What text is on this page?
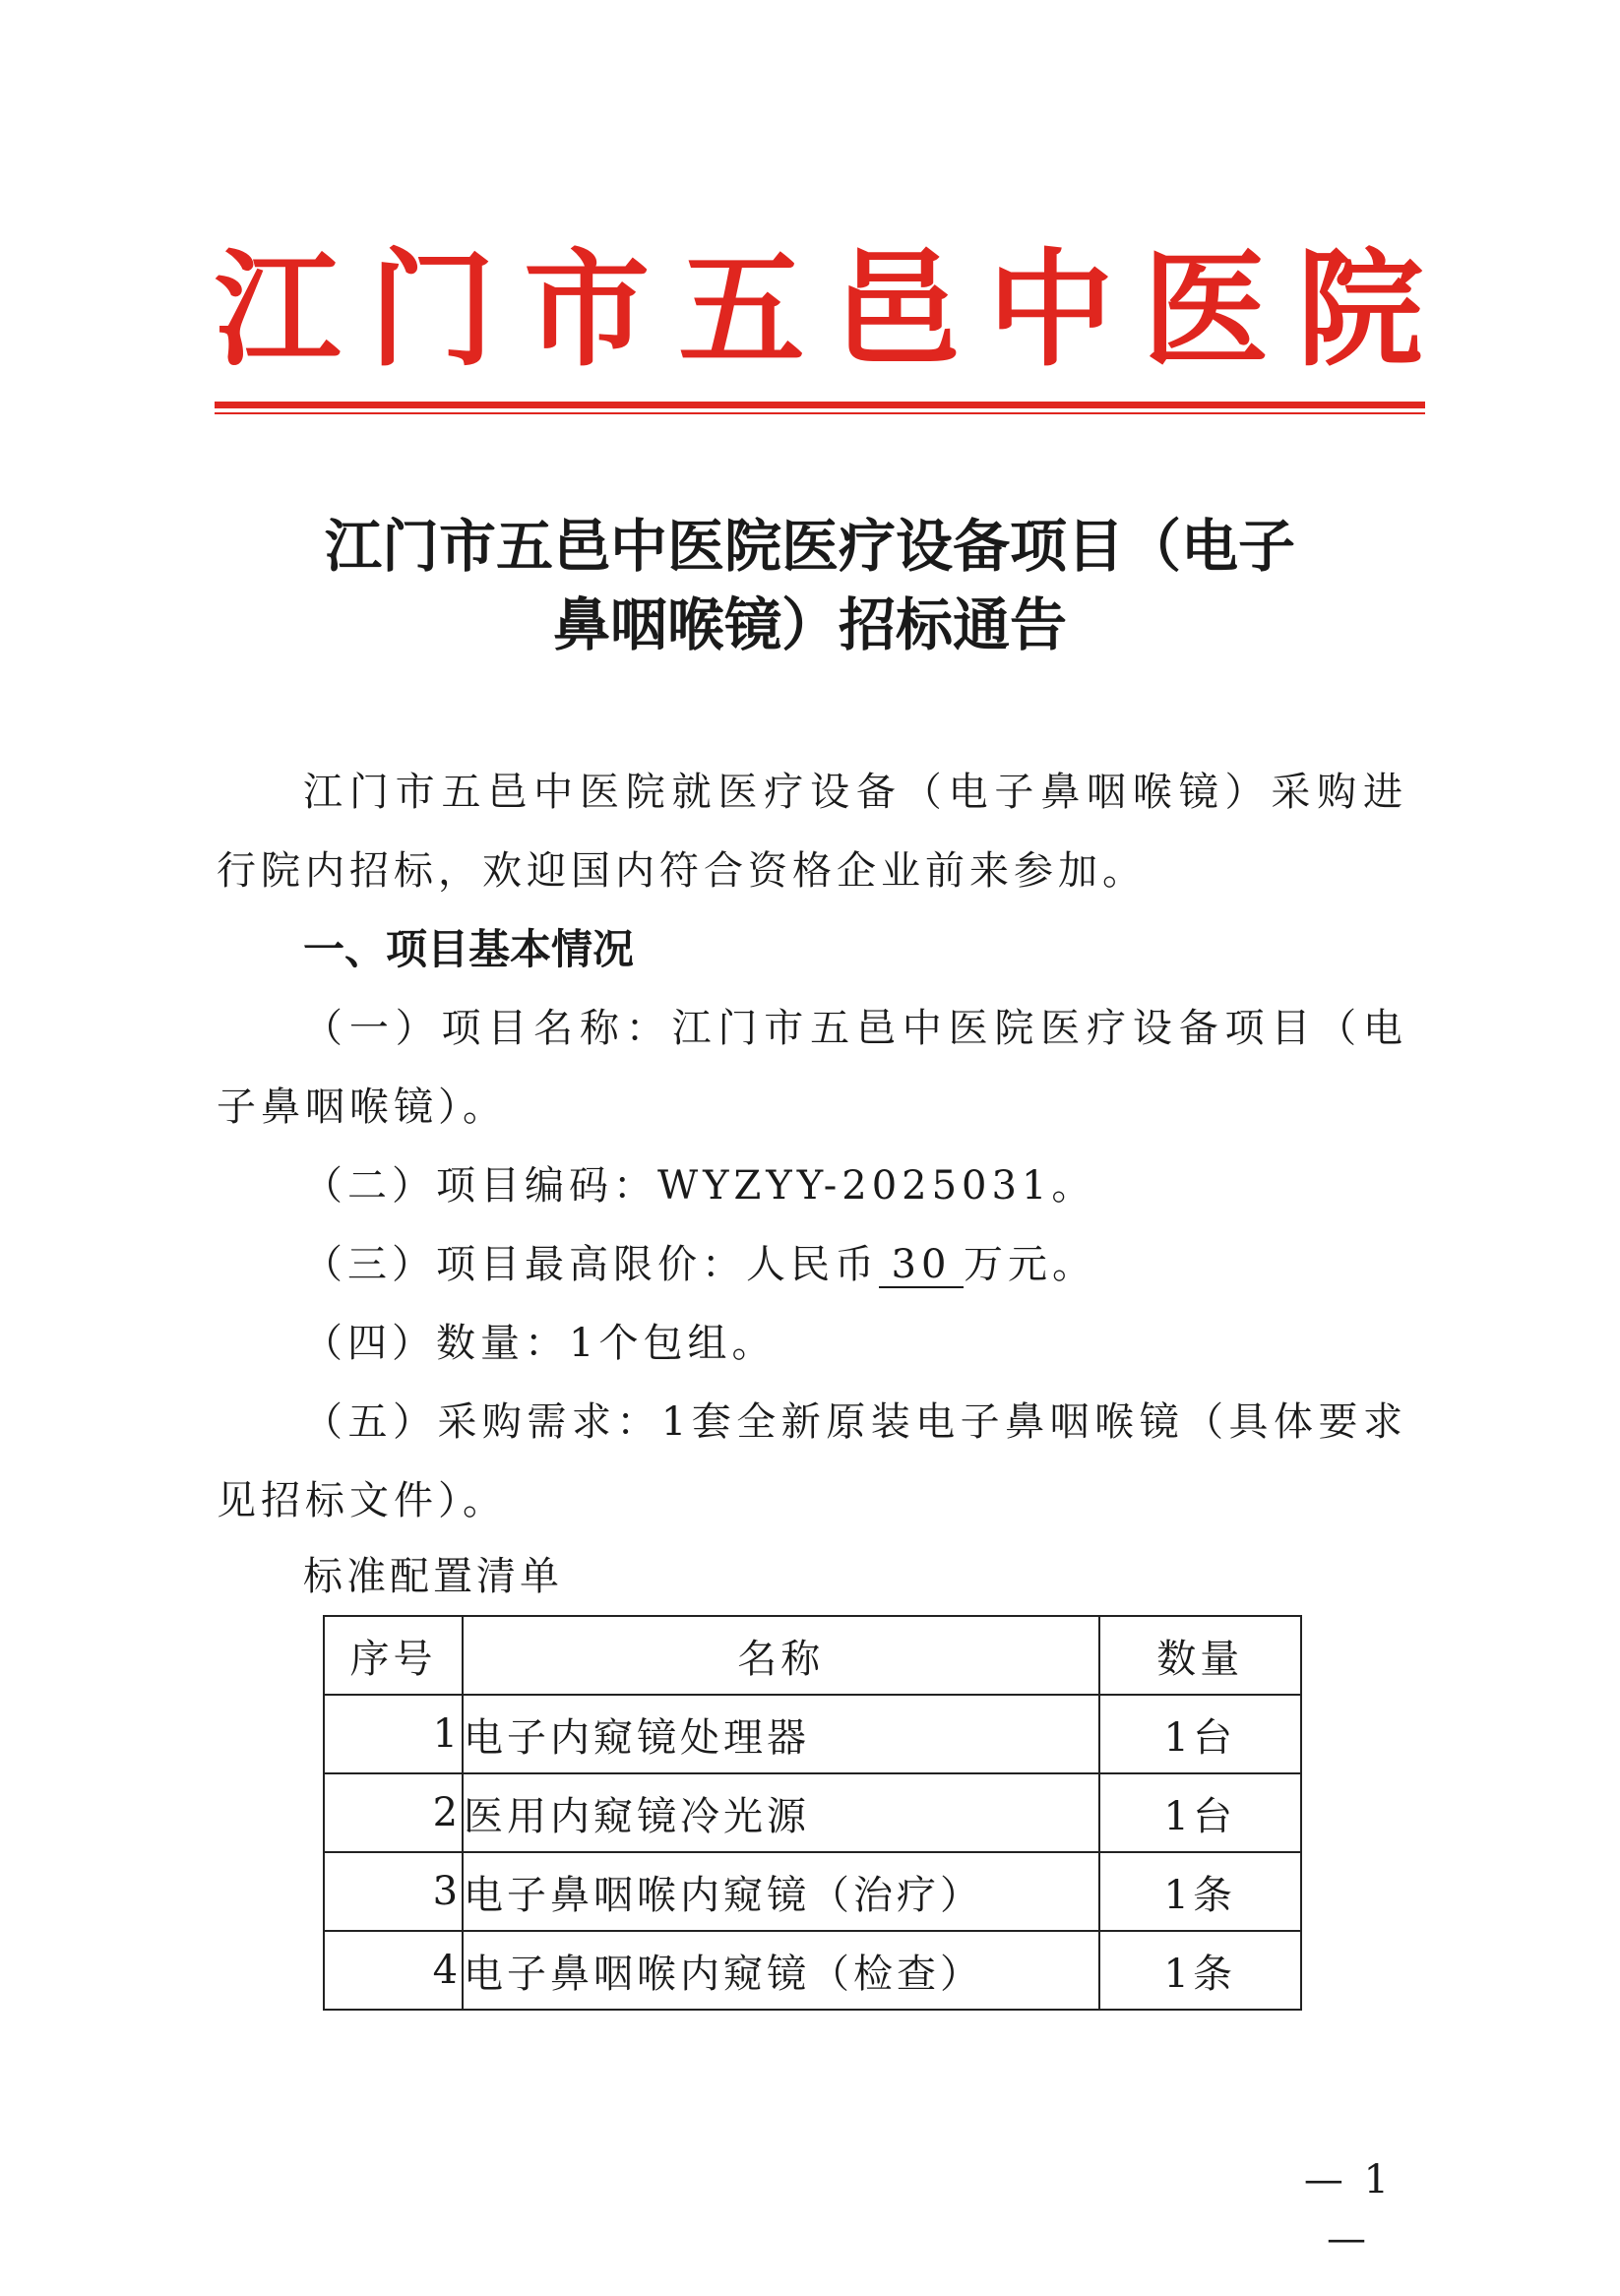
江 门 市 五 邑 中 医 院
江门市五邑中医院医疗设备项目（电子
鼻咽喉镜）招标通告
江门市五邑中医院就医疗设备（电子鼻咽喉镜）采购进行院内招标，欢迎国内符合资格企业前来参加。
一、项目基本情况
（一）项目名称：江门市五邑中医院医疗设备项目（电子鼻咽喉镜）。
（二）项目编码：WYZYY-2025031。
（三）项目最高限价：人民币 30 万元。
（四）数量：1个包组。
（五）采购需求：1套全新原装电子鼻咽喉镜（具体要求见招标文件）。
标准配置清单
序号	名称	数量
1	电子内窥镜处理器	1台
2	医用内窥镜冷光源	1台
3	电子鼻咽喉内窥镜（治疗）	1条
4	电子鼻咽喉内窥镜（检查）	1条
— 1 —
